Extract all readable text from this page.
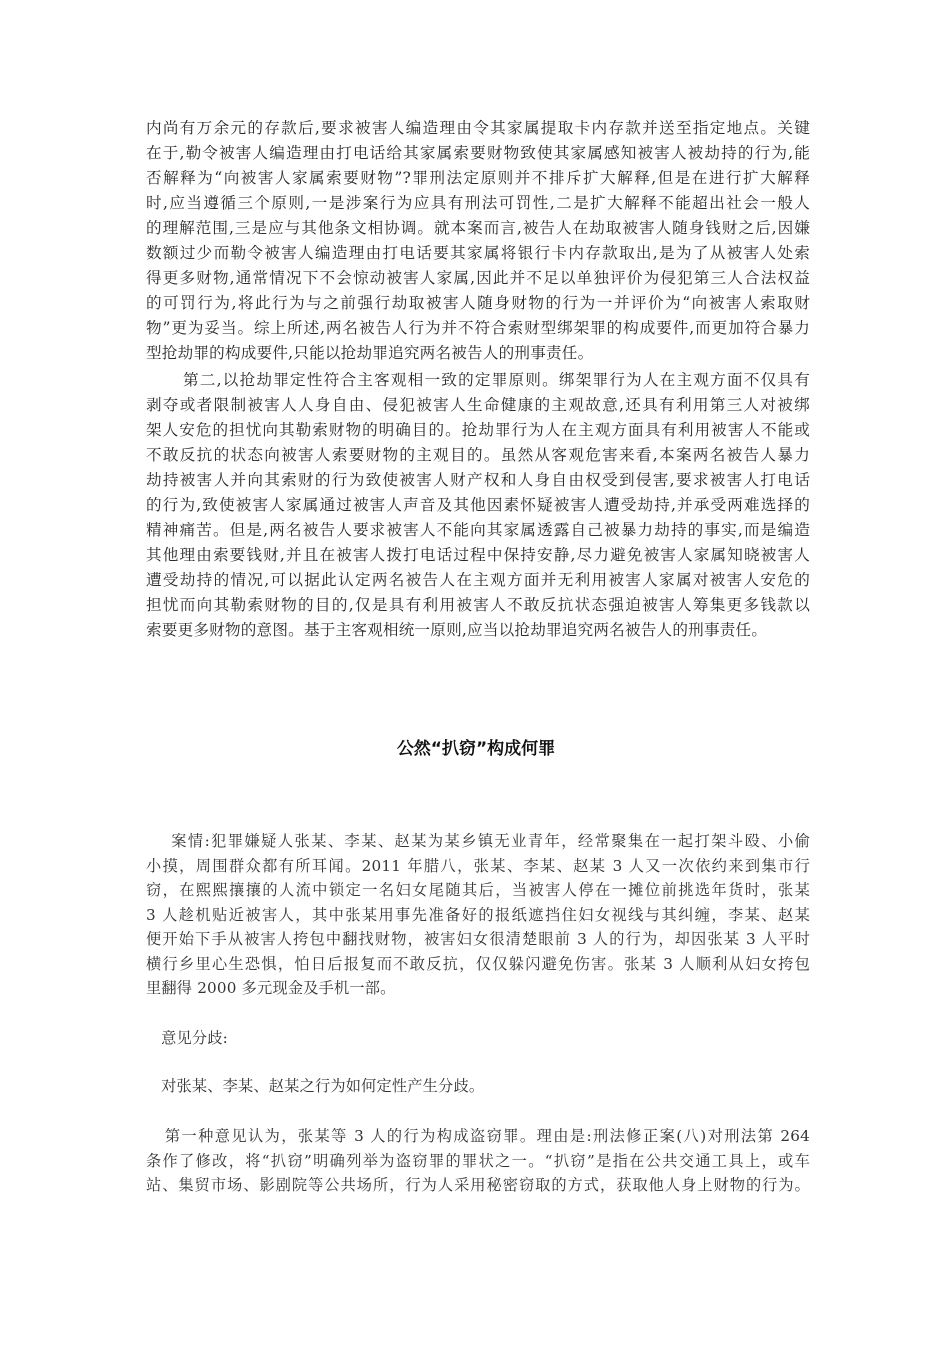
内尚有万余元的存款后,要求被害人编造理由令其家属提取卡内存款并送至指定地点。关键
在于,勒令被害人编造理由打电话给其家属索要财物致使其家属感知被害人被劫持的行为,能
否解释为“向被害人家属索要财物”?罪刑法定原则并不排斥扩大解释,但是在进行扩大解释
时,应当遵循三个原则,一是涉案行为应具有刑法可罚性,二是扩大解释不能超出社会一般人
的理解范围,三是应与其他条文相协调。就本案而言,被告人在劫取被害人随身钱财之后,因嫌
数额过少而勒令被害人编造理由打电话要其家属将银行卡内存款取出,是为了从被害人处索
得更多财物,通常情况下不会惊动被害人家属,因此并不足以单独评价为侵犯第三人合法权益
的可罚行为,将此行为与之前强行劫取被害人随身财物的行为一并评价为“向被害人索取财
物”更为妥当。综上所述,两名被告人行为并不符合索财型绑架罪的构成要件,而更加符合暴力
型抢劫罪的构成要件,只能以抢劫罪追究两名被告人的刑事责任。
第二,以抢劫罪定性符合主客观相一致的定罪原则。绑架罪行为人在主观方面不仅具有
剥夺或者限制被害人人身自由、侵犯被害人生命健康的主观故意,还具有利用第三人对被绑
架人安危的担忧向其勒索财物的明确目的。抢劫罪行为人在主观方面具有利用被害人不能或
不敢反抗的状态向被害人索要财物的主观目的。虽然从客观危害来看,本案两名被告人暴力
劫持被害人并向其索财的行为致使被害人财产权和人身自由权受到侵害,要求被害人打电话
的行为,致使被害人家属通过被害人声音及其他因素怀疑被害人遭受劫持,并承受两难选择的
精神痛苦。但是,两名被告人要求被害人不能向其家属透露自己被暴力劫持的事实,而是编造
其他理由索要钱财,并且在被害人拨打电话过程中保持安静,尽力避免被害人家属知晓被害人
遭受劫持的情况,可以据此认定两名被告人在主观方面并无利用被害人家属对被害人安危的
担忧而向其勒索财物的目的,仅是具有利用被害人不敢反抗状态强迫被害人筹集更多钱款以
索要更多财物的意图。基于主客观相统一原则,应当以抢劫罪追究两名被告人的刑事责任。
公然“扒窃”构成何罪
案情:犯罪嫌疑人张某、李某、赵某为某乡镇无业青年，经常聚集在一起打架斗殴、小偷
小摸，周围群众都有所耳闻。2011 年腊八，张某、李某、赵某 3 人又一次依约来到集市行
窃，在熙熙攘攘的人流中锁定一名妇女尾随其后，当被害人停在一摊位前挑选年货时，张某
3 人趁机贴近被害人，其中张某用事先准备好的报纸遮挡住妇女视线与其纠缠，李某、赵某
便开始下手从被害人挎包中翻找财物，被害妇女很清楚眼前 3 人的行为，却因张某 3 人平时
横行乡里心生恐惧，怕日后报复而不敢反抗，仅仅躲闪避免伤害。张某 3 人顺利从妇女挎包
里翻得 2000 多元现金及手机一部。
意见分歧:
对张某、李某、赵某之行为如何定性产生分歧。
第一种意见认为，张某等 3 人的行为构成盗窃罪。理由是:刑法修正案(八)对刑法第 264
条作了修改，将“扒窃”明确列举为盗窃罪的罪状之一。“扒窃”是指在公共交通工具上，或车
站、集贸市场、影剧院等公共场所，行为人采用秘密窃取的方式，获取他人身上财物的行为。
